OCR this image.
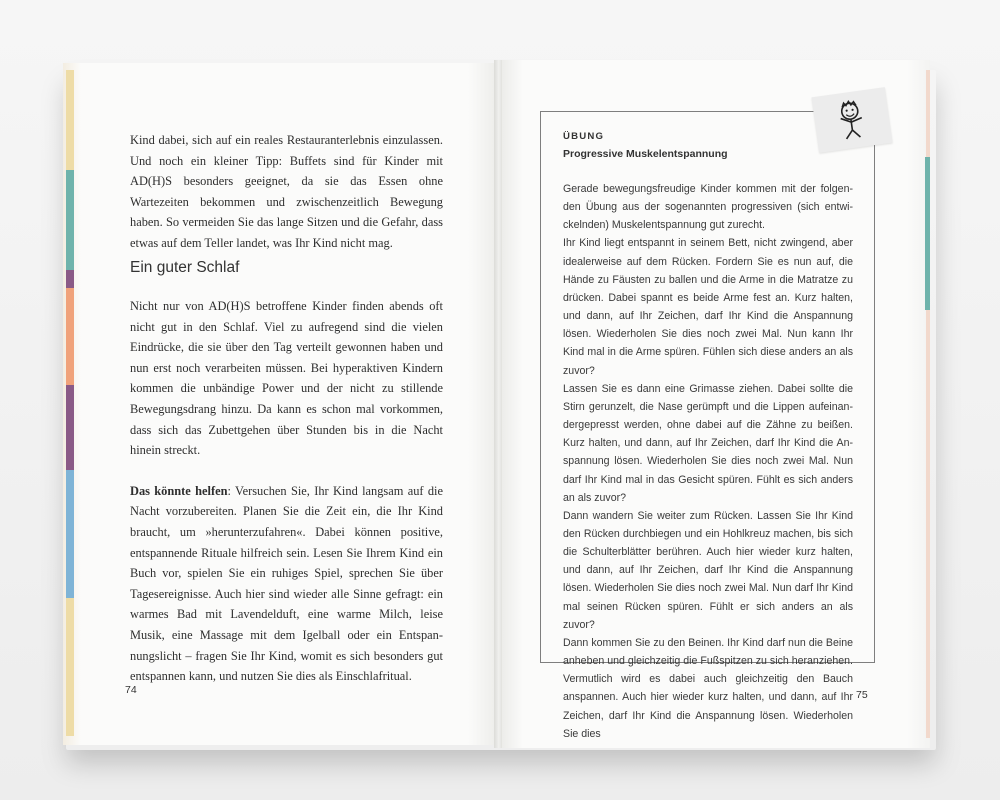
Kind dabei, sich auf ein reales Restauranterlebnis einzulassen. Und noch ein kleiner Tipp: Buffets sind für Kinder mit AD(H)S besonders geeignet, da sie das Essen ohne Wartezeiten bekommen und zwischenzeitlich Bewegung haben. So vermeiden Sie das lange Sitzen und die Gefahr, dass etwas auf dem Teller landet, was Ihr Kind nicht mag.

Ein guter Schlaf

Nicht nur von AD(H)S betroffene Kinder finden abends oft nicht gut in den Schlaf. Viel zu aufregend sind die vielen Eindrücke, die sie über den Tag verteilt gewonnen haben und nun erst noch verarbeiten müssen. Bei hyperaktiven Kindern kommen die unbändige Power und der nicht zu stillende Bewegungsdrang hinzu. Da kann es schon mal vorkommen, dass sich das Zubettgehen über Stunden bis in die Nacht hinein streckt.

Das könnte helfen: Versuchen Sie, Ihr Kind langsam auf die Nacht vorzubereiten. Planen Sie die Zeit ein, die Ihr Kind braucht, um »herunterzufahren«. Dabei können positive, entspannende Rituale hilfreich sein. Lesen Sie Ihrem Kind ein Buch vor, spielen Sie ein ruhiges Spiel, sprechen Sie über Tagesereignisse. Auch hier sind wieder alle Sinne gefragt: ein warmes Bad mit Lavendelduft, eine warme Milch, leise Musik, eine Massage mit dem Igelball oder ein Entspannungslicht – fragen Sie Ihr Kind, womit es sich besonders gut entspannen kann, und nutzen Sie dies als Einschlafritual.

74
ÜBUNG
Progressive Muskelentspannung

Gerade bewegungsfreudige Kinder kommen mit der folgenden Übung aus der sogenannten progressiven (sich entwickelnden) Muskelentspannung gut zurecht.

Ihr Kind liegt entspannt in seinem Bett, nicht zwingend, aber idealerweise auf dem Rücken. Fordern Sie es nun auf, die Hände zu Fäusten zu ballen und die Arme in die Matratze zu drücken. Dabei spannt es beide Arme fest an. Kurz halten, und dann, auf Ihr Zeichen, darf Ihr Kind die Anspannung lösen. Wiederholen Sie dies noch zwei Mal. Nun kann Ihr Kind mal in die Arme spüren. Fühlen sich diese anders an als zuvor?

Lassen Sie es dann eine Grimasse ziehen. Dabei sollte die Stirn gerunzelt, die Nase gerümpft und die Lippen aufeinandergepresst werden, ohne dabei auf die Zähne zu beißen. Kurz halten, und dann, auf Ihr Zeichen, darf Ihr Kind die Anspannung lösen. Wiederholen Sie dies noch zwei Mal. Nun darf Ihr Kind mal in das Gesicht spüren. Fühlt es sich anders an als zuvor?

Dann wandern Sie weiter zum Rücken. Lassen Sie Ihr Kind den Rücken durchbiegen und ein Hohlkreuz machen, bis sich die Schulterblätter berühren. Auch hier wieder kurz halten, und dann, auf Ihr Zeichen, darf Ihr Kind die Anspannung lösen. Wiederholen Sie dies noch zwei Mal. Nun darf Ihr Kind mal seinen Rücken spüren. Fühlt er sich anders an als zuvor?

Dann kommen Sie zu den Beinen. Ihr Kind darf nun die Beine anheben und gleichzeitig die Fußspitzen zu sich heranziehen. Vermutlich wird es dabei auch gleichzeitig den Bauch anspannen. Auch hier wieder kurz halten, und dann, auf Ihr Zeichen, darf Ihr Kind die Anspannung lösen. Wiederholen Sie dies

75
